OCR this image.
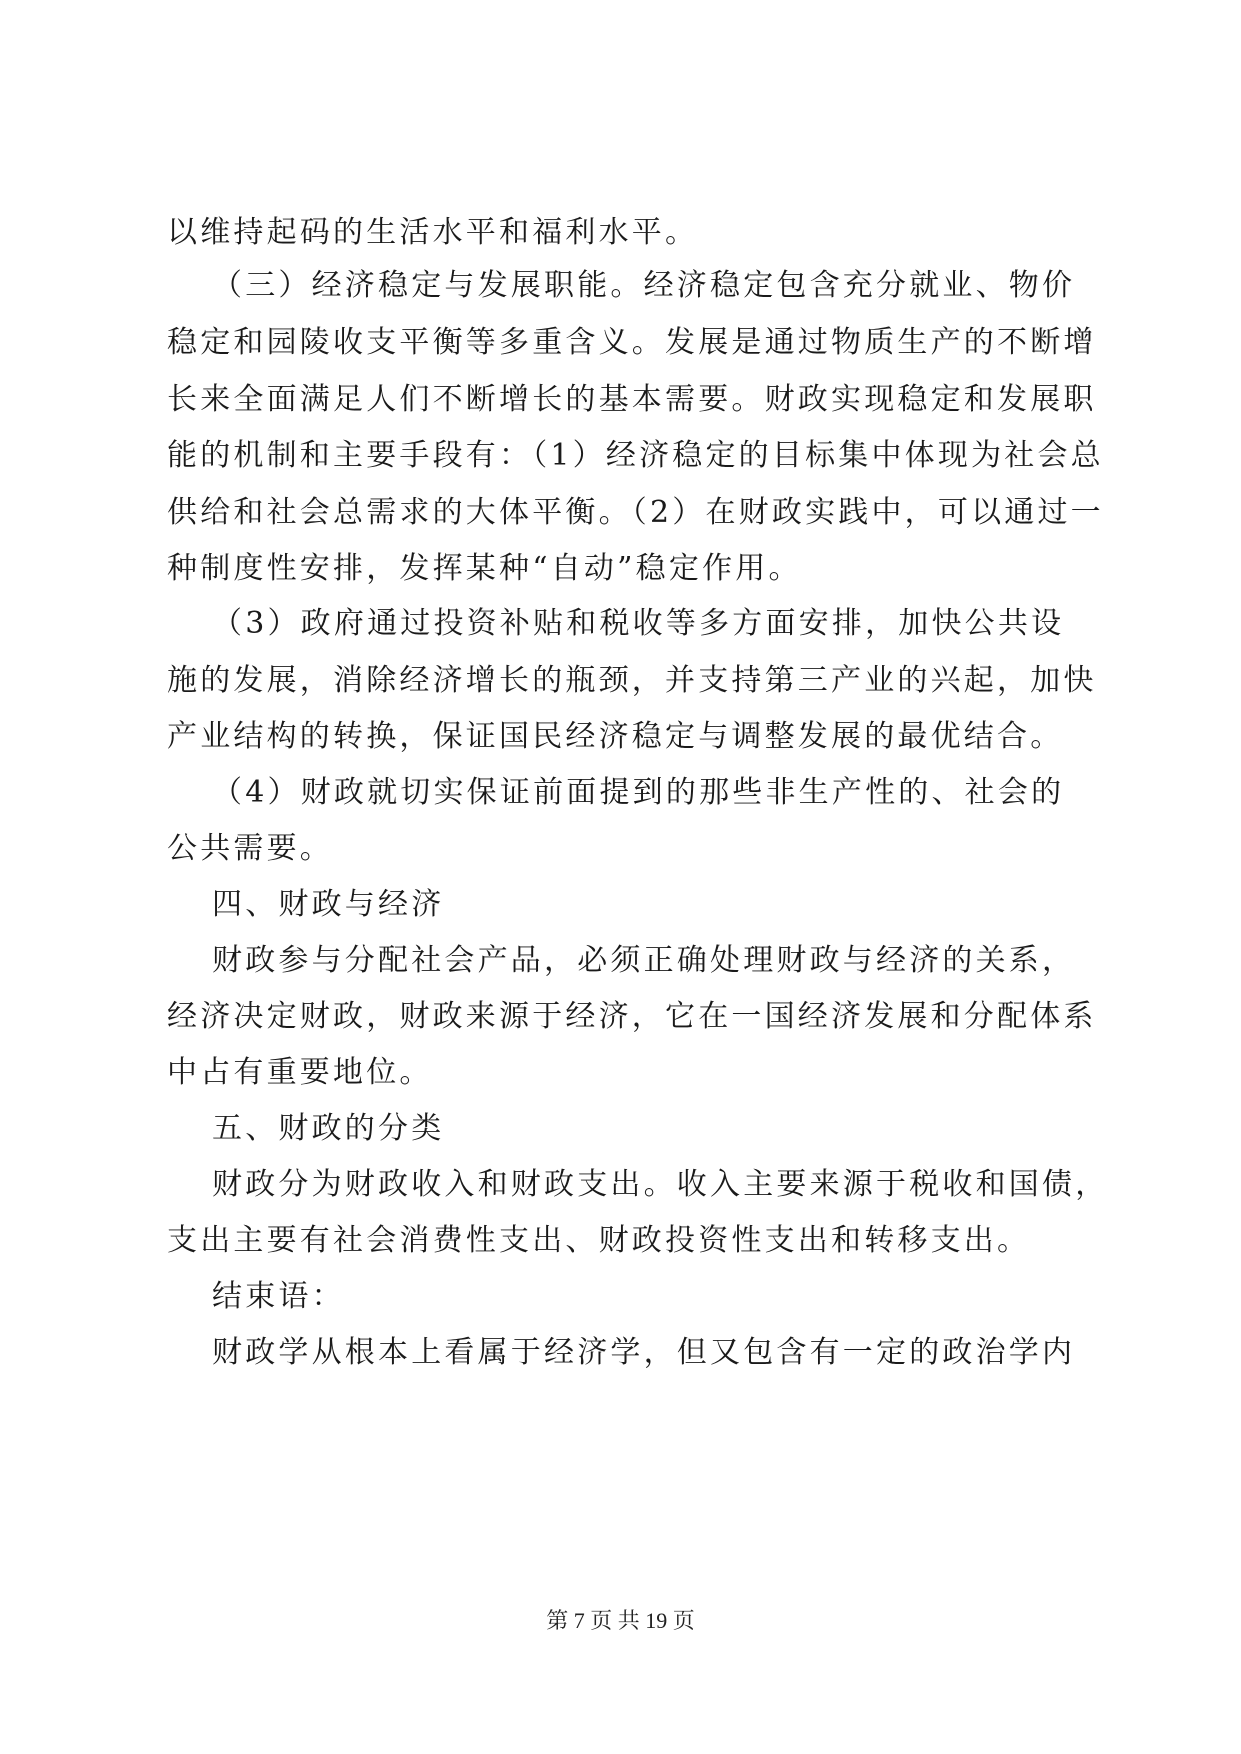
以维持起码的生活水平和福利水平。
（三）经济稳定与发展职能。经济稳定包含充分就业、物价
稳定和园陵收支平衡等多重含义。发展是通过物质生产的不断增
长来全面满足人们不断增长的基本需要。财政实现稳定和发展职
能的机制和主要手段有：（1）经济稳定的目标集中体现为社会总
供给和社会总需求的大体平衡。（2）在财政实践中，可以通过一
种制度性安排，发挥某种“自动”稳定作用。
（3）政府通过投资补贴和税收等多方面安排，加快公共设
施的发展，消除经济增长的瓶颈，并支持第三产业的兴起，加快
产业结构的转换，保证国民经济稳定与调整发展的最优结合。
（4）财政就切实保证前面提到的那些非生产性的、社会的
公共需要。
四、财政与经济
财政参与分配社会产品，必须正确处理财政与经济的关系，
经济决定财政，财政来源于经济，它在一国经济发展和分配体系
中占有重要地位。
五、财政的分类
财政分为财政收入和财政支出。收入主要来源于税收和国债，
支出主要有社会消费性支出、财政投资性支出和转移支出。
结束语：
财政学从根本上看属于经济学，但又包含有一定的政治学内
第 7 页 共 19 页
